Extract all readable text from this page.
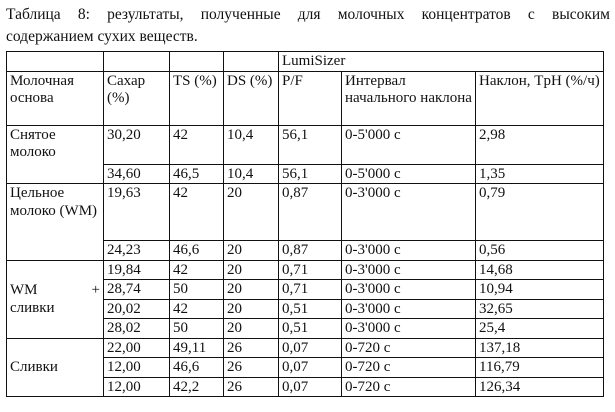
Таблица 8: результаты, полученные для молочных концентратов с высоким
содержанием сухих веществ.
				LumiSizer		
Молочная основа	Сахар (%)	TS (%)	DS (%)	P/F	Интервал начального наклона	Наклон, TpH (%/ч)
Снятое молоко	30,20	42	10,4	56,1	0-5'000 с	2,98
	34,60	46,5	10,4	56,1	0-5'000 с	1,35
Цельное молоко (WM)	19,63	42	20	0,87	0-3'000 с	0,79
	24,23	46,6	20	0,87	0-3'000 с	0,56

WM +
сливки	19,84	42	20	0,71	0-3'000 с	14,68
	28,74	50	20	0,71	0-3'000 с	10,94
	20,02	42	20	0,51	0-3'000 с	32,65
	28,02	50	20	0,51	0-3'000 с	25,4
Сливки	22,00	49,11	26	0,07	0-720 с	137,18
	12,00	46,6	26	0,07	0-720 с	116,79
	12,00	42,2	26	0,07	0-720 с	126,34
